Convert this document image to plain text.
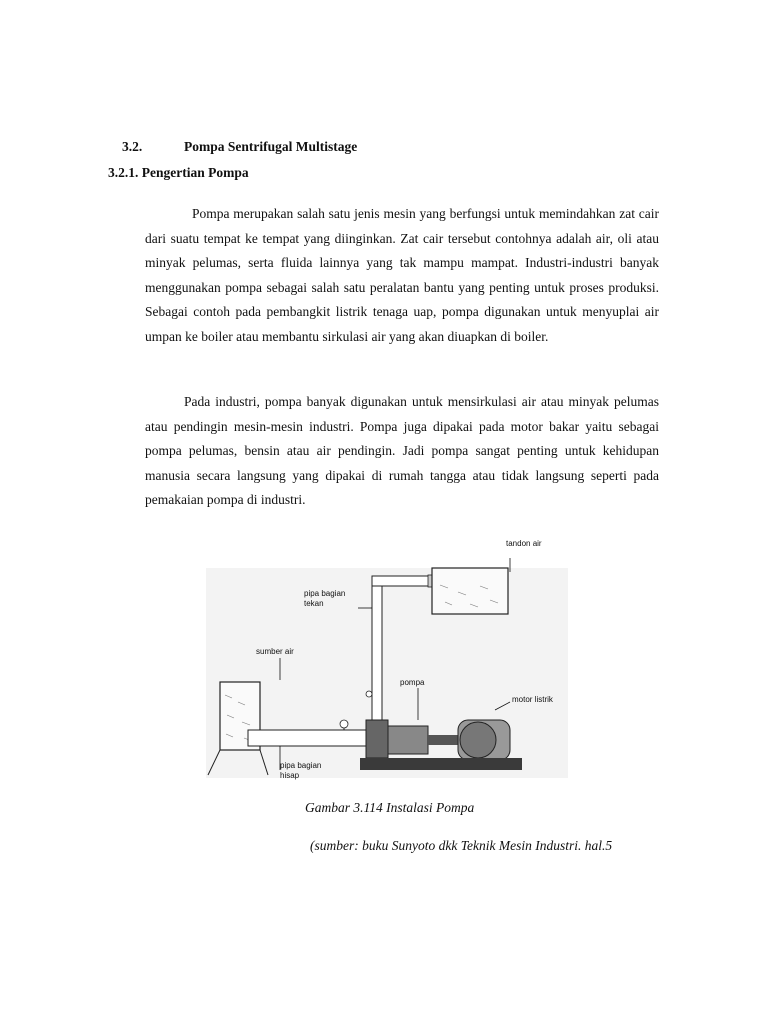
3.2.	Pompa Sentrifugal Multistage
3.2.1. Pengertian Pompa

Pompa merupakan salah satu jenis mesin yang berfungsi untuk memindahkan zat cair dari suatu tempat ke tempat yang diinginkan. Zat cair tersebut contohnya adalah air, oli atau minyak pelumas, serta fluida lainnya yang tak mampu mampat. Industri-industri banyak menggunakan pompa sebagai salah satu peralatan bantu yang penting untuk proses produksi. Sebagai contoh pada pembangkit listrik tenaga uap, pompa digunakan untuk menyuplai air umpan ke boiler atau membantu sirkulasi air yang akan diuapkan di boiler.

Pada industri, pompa banyak digunakan untuk mensirkulasi air atau minyak pelumas atau pendingin mesin-mesin industri. Pompa juga dipakai pada motor bakar yaitu sebagai pompa pelumas, bensin atau air pendingin. Jadi pompa sangat penting untuk kehidupan manusia secara langsung yang dipakai di rumah tangga atau tidak langsung seperti pada pemakaian pompa di industri.

tandon air
pipa bagian
tekan
sumber air
pompa
motor listrik
pipa bagian
hisap
Gambar 3.114 Instalasi Pompa
(sumber: buku Sunyoto dkk Teknik Mesin Industri. hal.5
